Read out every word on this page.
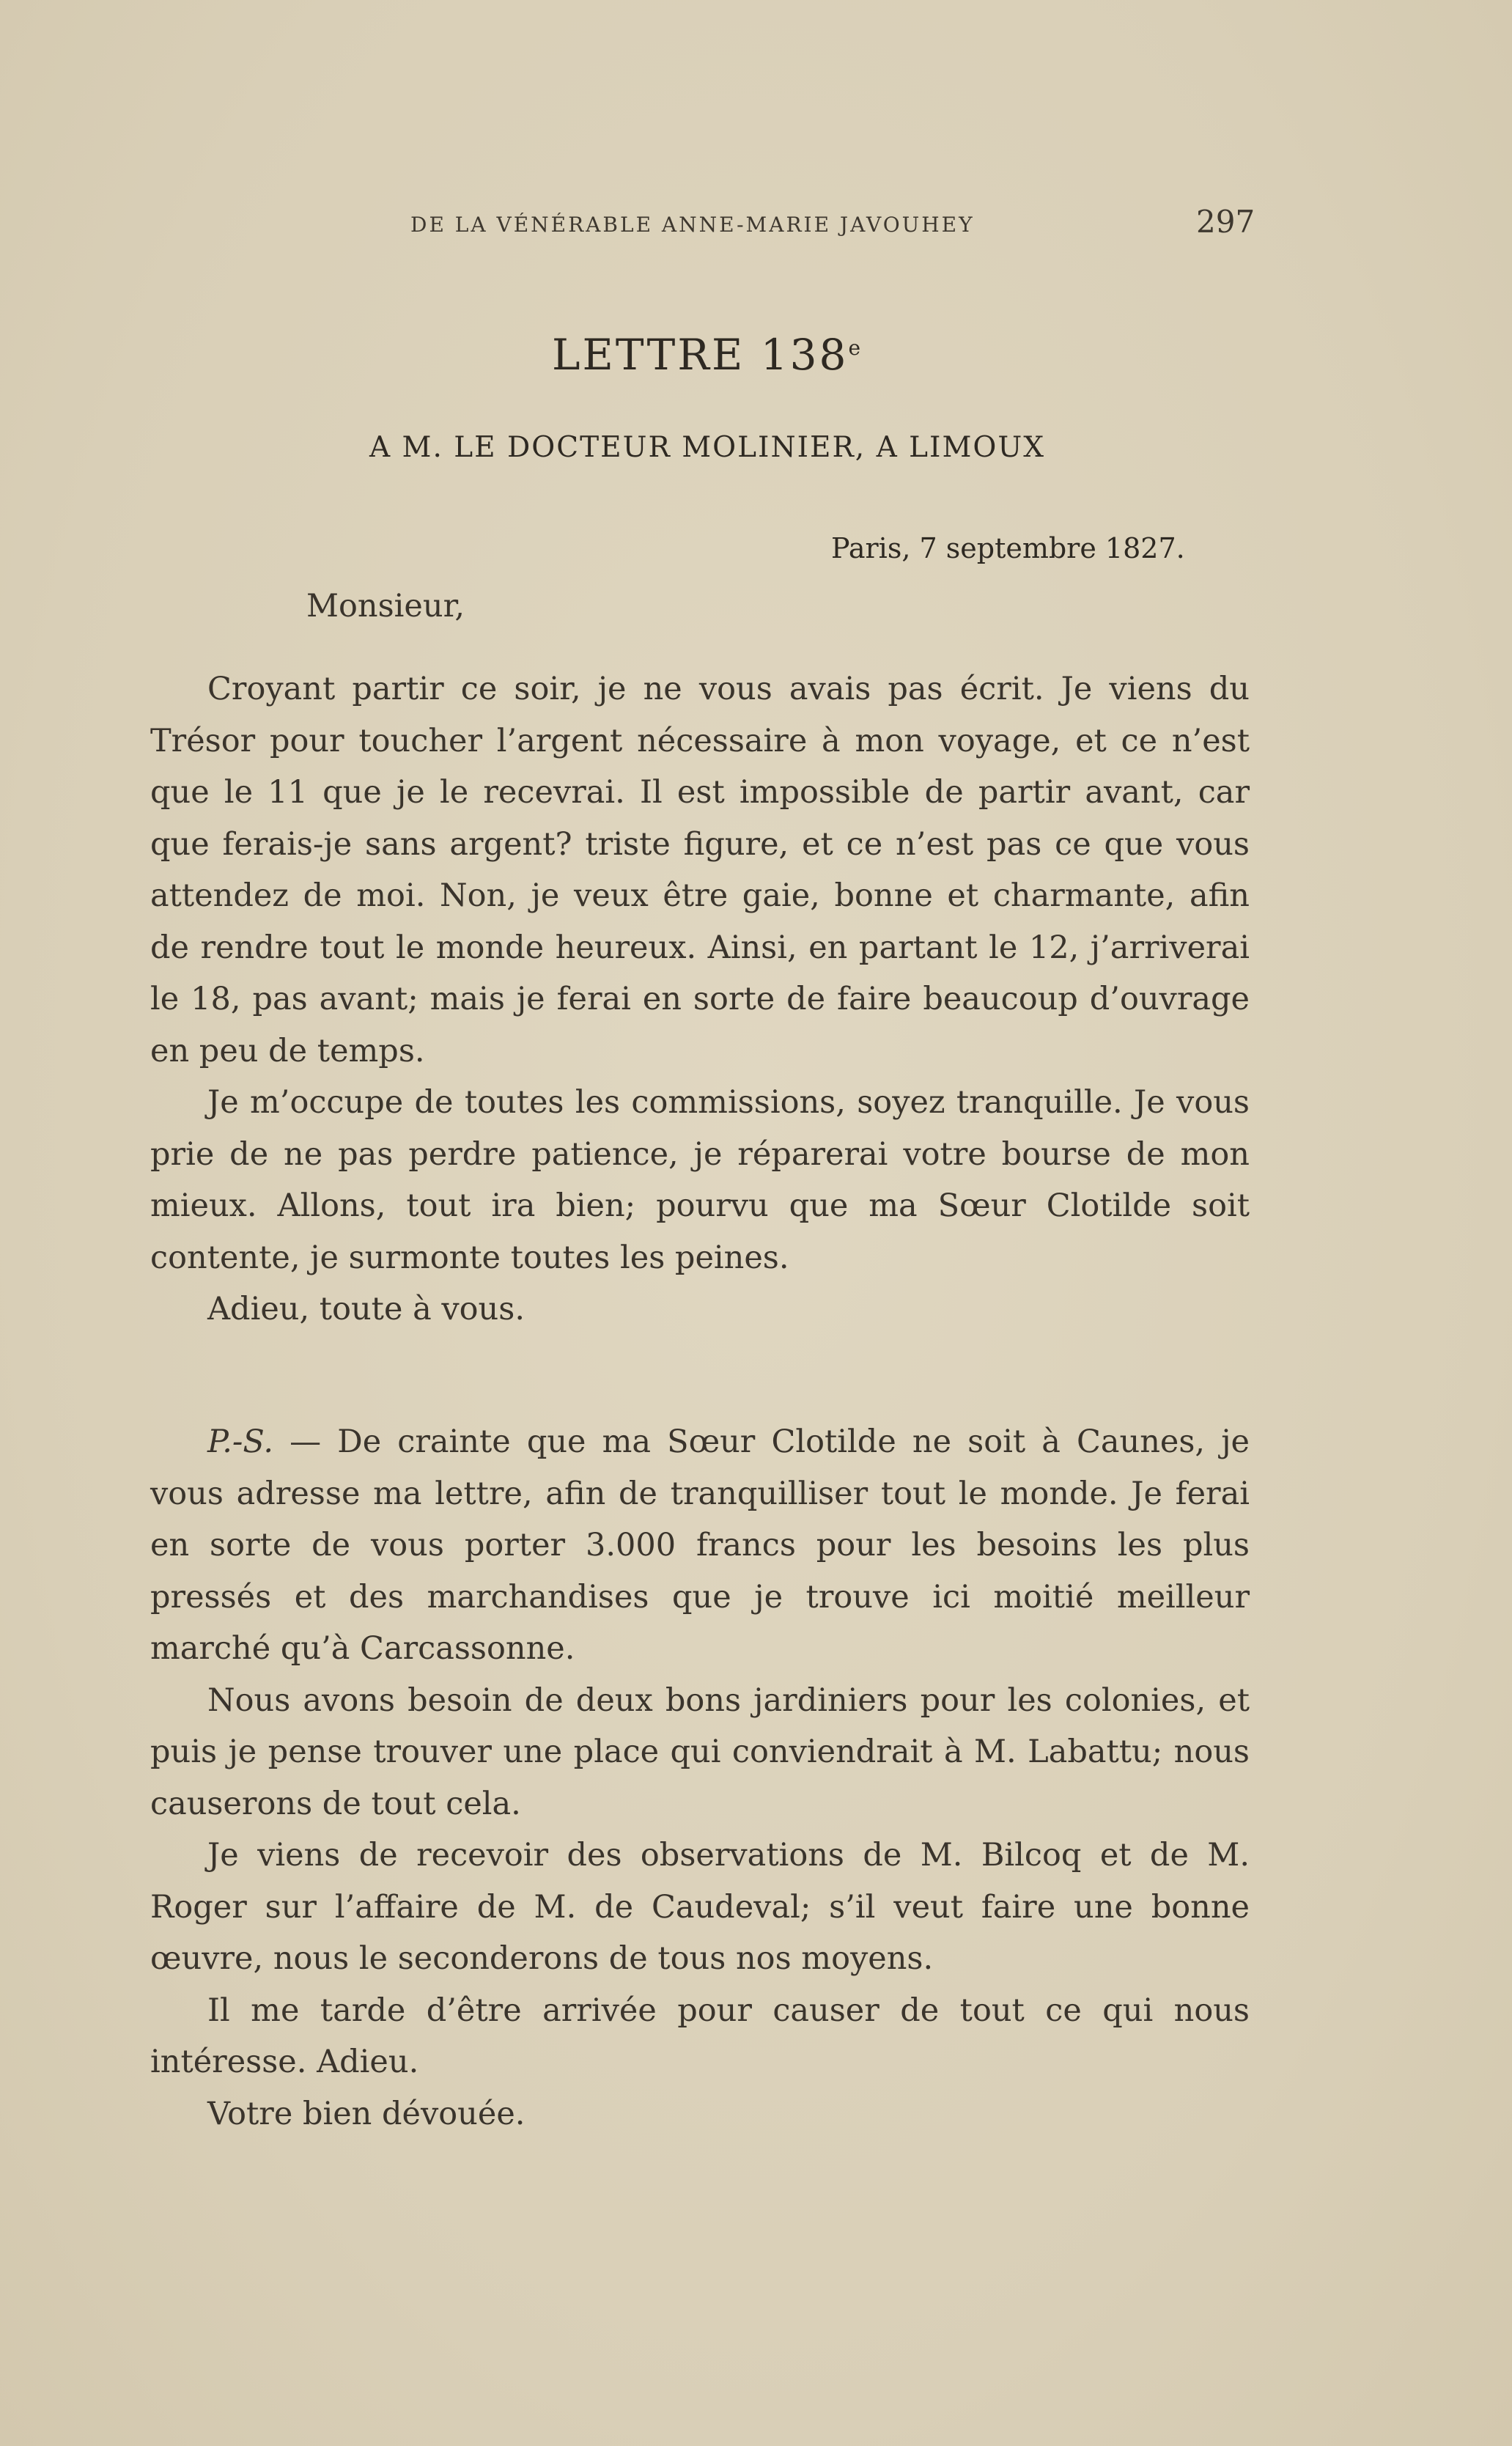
DE LA VÉNÉRABLE ANNE-MARIE JAVOUHEY	297
LETTRE 138e
A M. LE DOCTEUR MOLINIER, A LIMOUX
Paris, 7 septembre 1827.
Monsieur,

Croyant partir ce soir, je ne vous avais pas écrit. Je viens du Trésor pour toucher l’argent nécessaire à mon voyage, et ce n’est que le 11 que je le recevrai. Il est impossible de partir avant, car que ferais-je sans argent? triste figure, et ce n’est pas ce que vous attendez de moi. Non, je veux être gaie, bonne et charmante, afin de rendre tout le monde heureux. Ainsi, en partant le 12, j’arriverai le 18, pas avant; mais je ferai en sorte de faire beaucoup d’ouvrage en peu de temps.

Je m’occupe de toutes les commissions, soyez tranquille. Je vous prie de ne pas perdre patience, je réparerai votre bourse de mon mieux. Allons, tout ira bien; pourvu que ma Sœur Clotilde soit contente, je surmonte toutes les peines.

Adieu, toute à vous.

P.-S. — De crainte que ma Sœur Clotilde ne soit à Caunes, je vous adresse ma lettre, afin de tranquilliser tout le monde. Je ferai en sorte de vous porter 3.000 francs pour les besoins les plus pressés et des marchandises que je trouve ici moitié meilleur marché qu’à Carcassonne.

Nous avons besoin de deux bons jardiniers pour les colonies, et puis je pense trouver une place qui conviendrait à M. Labattu; nous causerons de tout cela.

Je viens de recevoir des observations de M. Bilcoq et de M. Roger sur l’affaire de M. de Caudeval; s’il veut faire une bonne œuvre, nous le seconderons de tous nos moyens.

Il me tarde d’être arrivée pour causer de tout ce qui nous intéresse. Adieu.

Votre bien dévouée.
